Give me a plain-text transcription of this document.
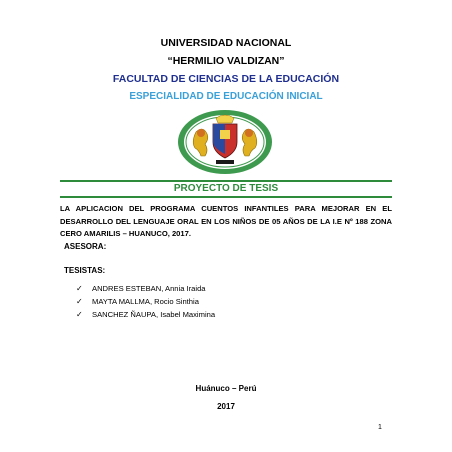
UNIVERSIDAD NACIONAL
“HERMILIO VALDIZAN”
FACULTAD DE CIENCIAS DE LA EDUCACIÓN
ESPECIALIDAD DE EDUCACIÓN INICIAL
PROYECTO DE TESIS
LA APLICACION DEL PROGRAMA CUENTOS INFANTILES PARA MEJORAR EN EL DESARROLLO DEL LENGUAJE ORAL EN LOS NIÑOS DE 05 AÑOS DE LA I.E Nº 188 ZONA CERO AMARILIS – HUANUCO, 2017.
ASESORA:
TESISTAS:
✓	ANDRES ESTEBAN, Annia Iraida
✓	MAYTA MALLMA, Rocio Sinthia
✓	SANCHEZ ÑAUPA, Isabel Maximina
Huánuco – Perú
2017
1
